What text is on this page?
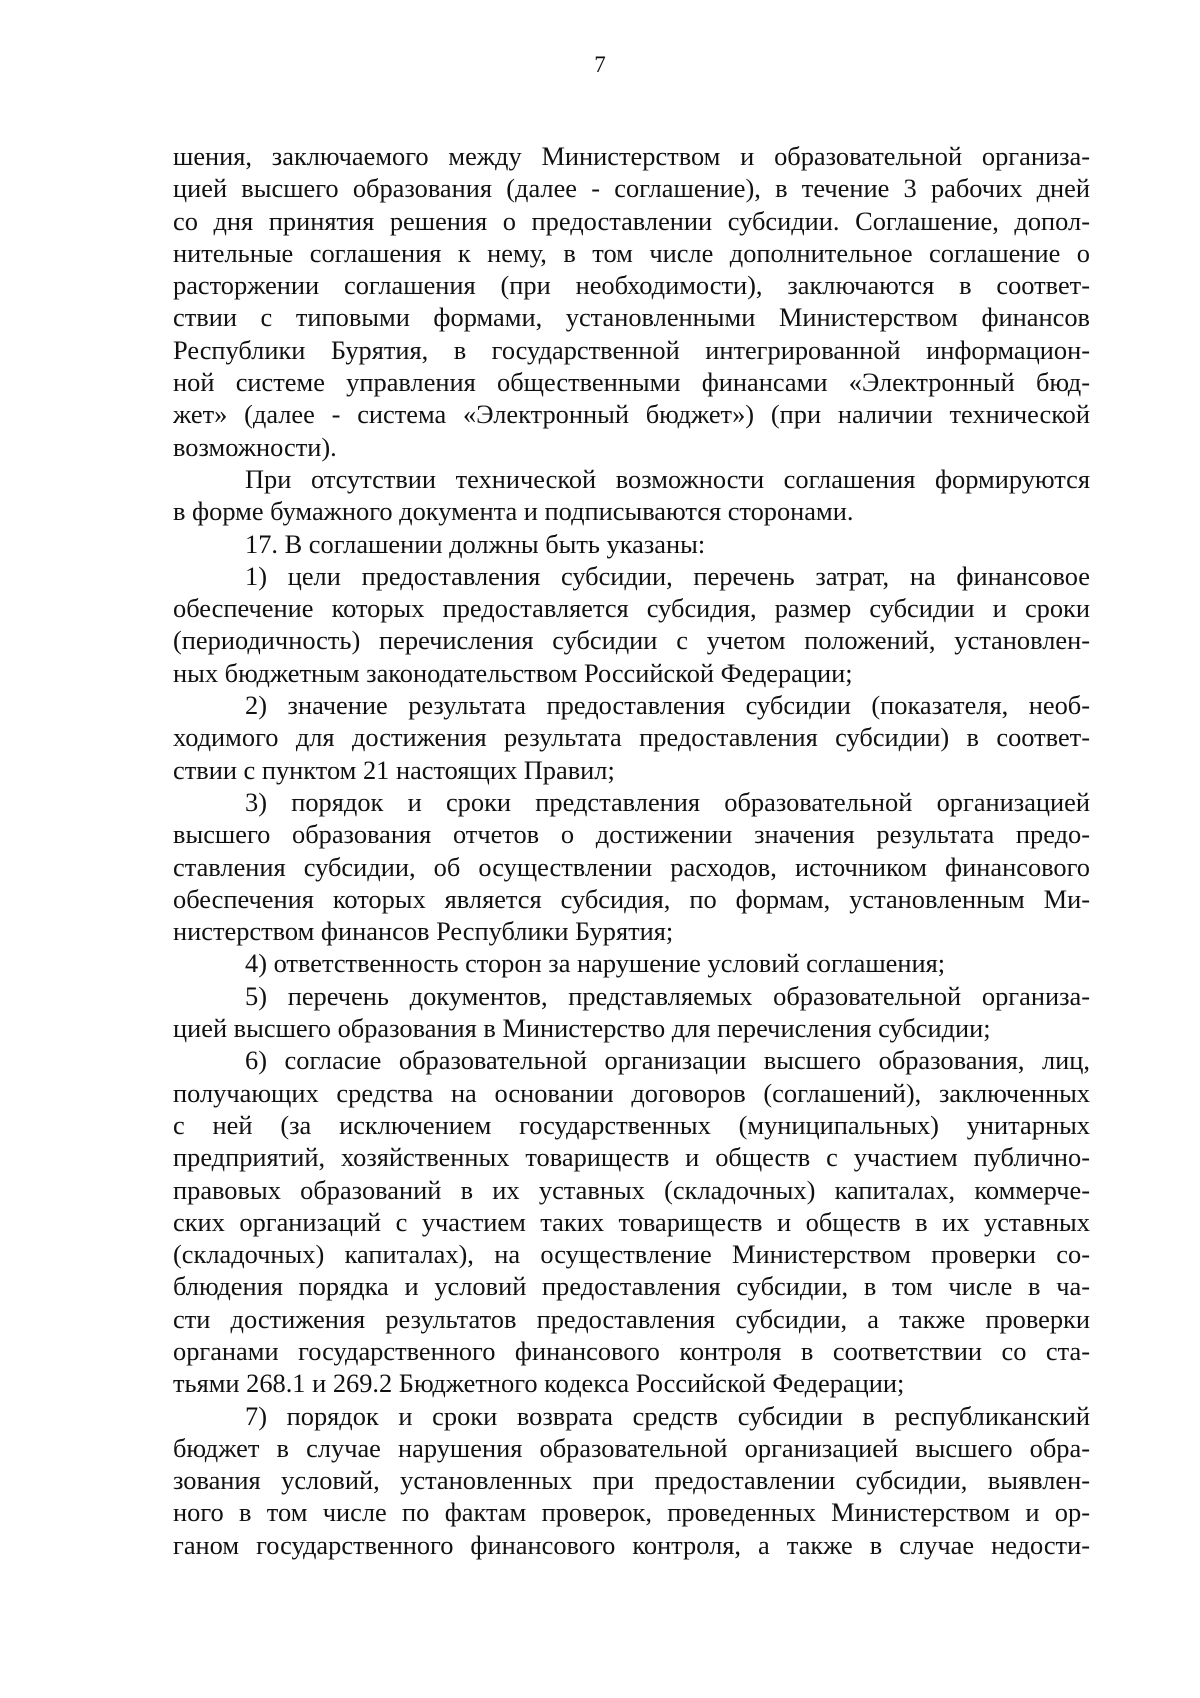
7
шения, заключаемого между Министерством и образовательной организа-
цией высшего образования (далее - соглашение), в течение 3 рабочих дней
со дня принятия решения о предоставлении субсидии. Соглашение, допол-
нительные соглашения к нему, в том числе дополнительное соглашение о
расторжении соглашения (при необходимости), заключаются в соответ-
ствии с типовыми формами, установленными Министерством финансов
Республики Бурятия, в государственной интегрированной информацион-
ной системе управления общественными финансами «Электронный бюд-
жет» (далее - система «Электронный бюджет») (при наличии технической
возможности).
При отсутствии технической возможности соглашения формируются
в форме бумажного документа и подписываются сторонами.
17. В соглашении должны быть указаны:
1) цели предоставления субсидии, перечень затрат, на финансовое
обеспечение которых предоставляется субсидия, размер субсидии и сроки
(периодичность) перечисления субсидии с учетом положений, установлен-
ных бюджетным законодательством Российской Федерации;
2) значение результата предоставления субсидии (показателя, необ-
ходимого для достижения результата предоставления субсидии) в соответ-
ствии с пунктом 21 настоящих Правил;
3) порядок и сроки представления образовательной организацией
высшего образования отчетов о достижении значения результата предо-
ставления субсидии, об осуществлении расходов, источником финансового
обеспечения которых является субсидия, по формам, установленным Ми-
нистерством финансов Республики Бурятия;
4) ответственность сторон за нарушение условий соглашения;
5) перечень документов, представляемых образовательной организа-
цией высшего образования в Министерство для перечисления субсидии;
6) согласие образовательной организации высшего образования, лиц,
получающих средства на основании договоров (соглашений), заключенных
с ней (за исключением государственных (муниципальных) унитарных
предприятий, хозяйственных товариществ и обществ с участием публично-
правовых образований в их уставных (складочных) капиталах, коммерче-
ских организаций с участием таких товариществ и обществ в их уставных
(складочных) капиталах), на осуществление Министерством проверки со-
блюдения порядка и условий предоставления субсидии, в том числе в ча-
сти достижения результатов предоставления субсидии, а также проверки
органами государственного финансового контроля в соответствии со ста-
тьями 268.1 и 269.2 Бюджетного кодекса Российской Федерации;
7) порядок и сроки возврата средств субсидии в республиканский
бюджет в случае нарушения образовательной организацией высшего обра-
зования условий, установленных при предоставлении субсидии, выявлен-
ного в том числе по фактам проверок, проведенных Министерством и ор-
ганом государственного финансового контроля, а также в случае недости-
